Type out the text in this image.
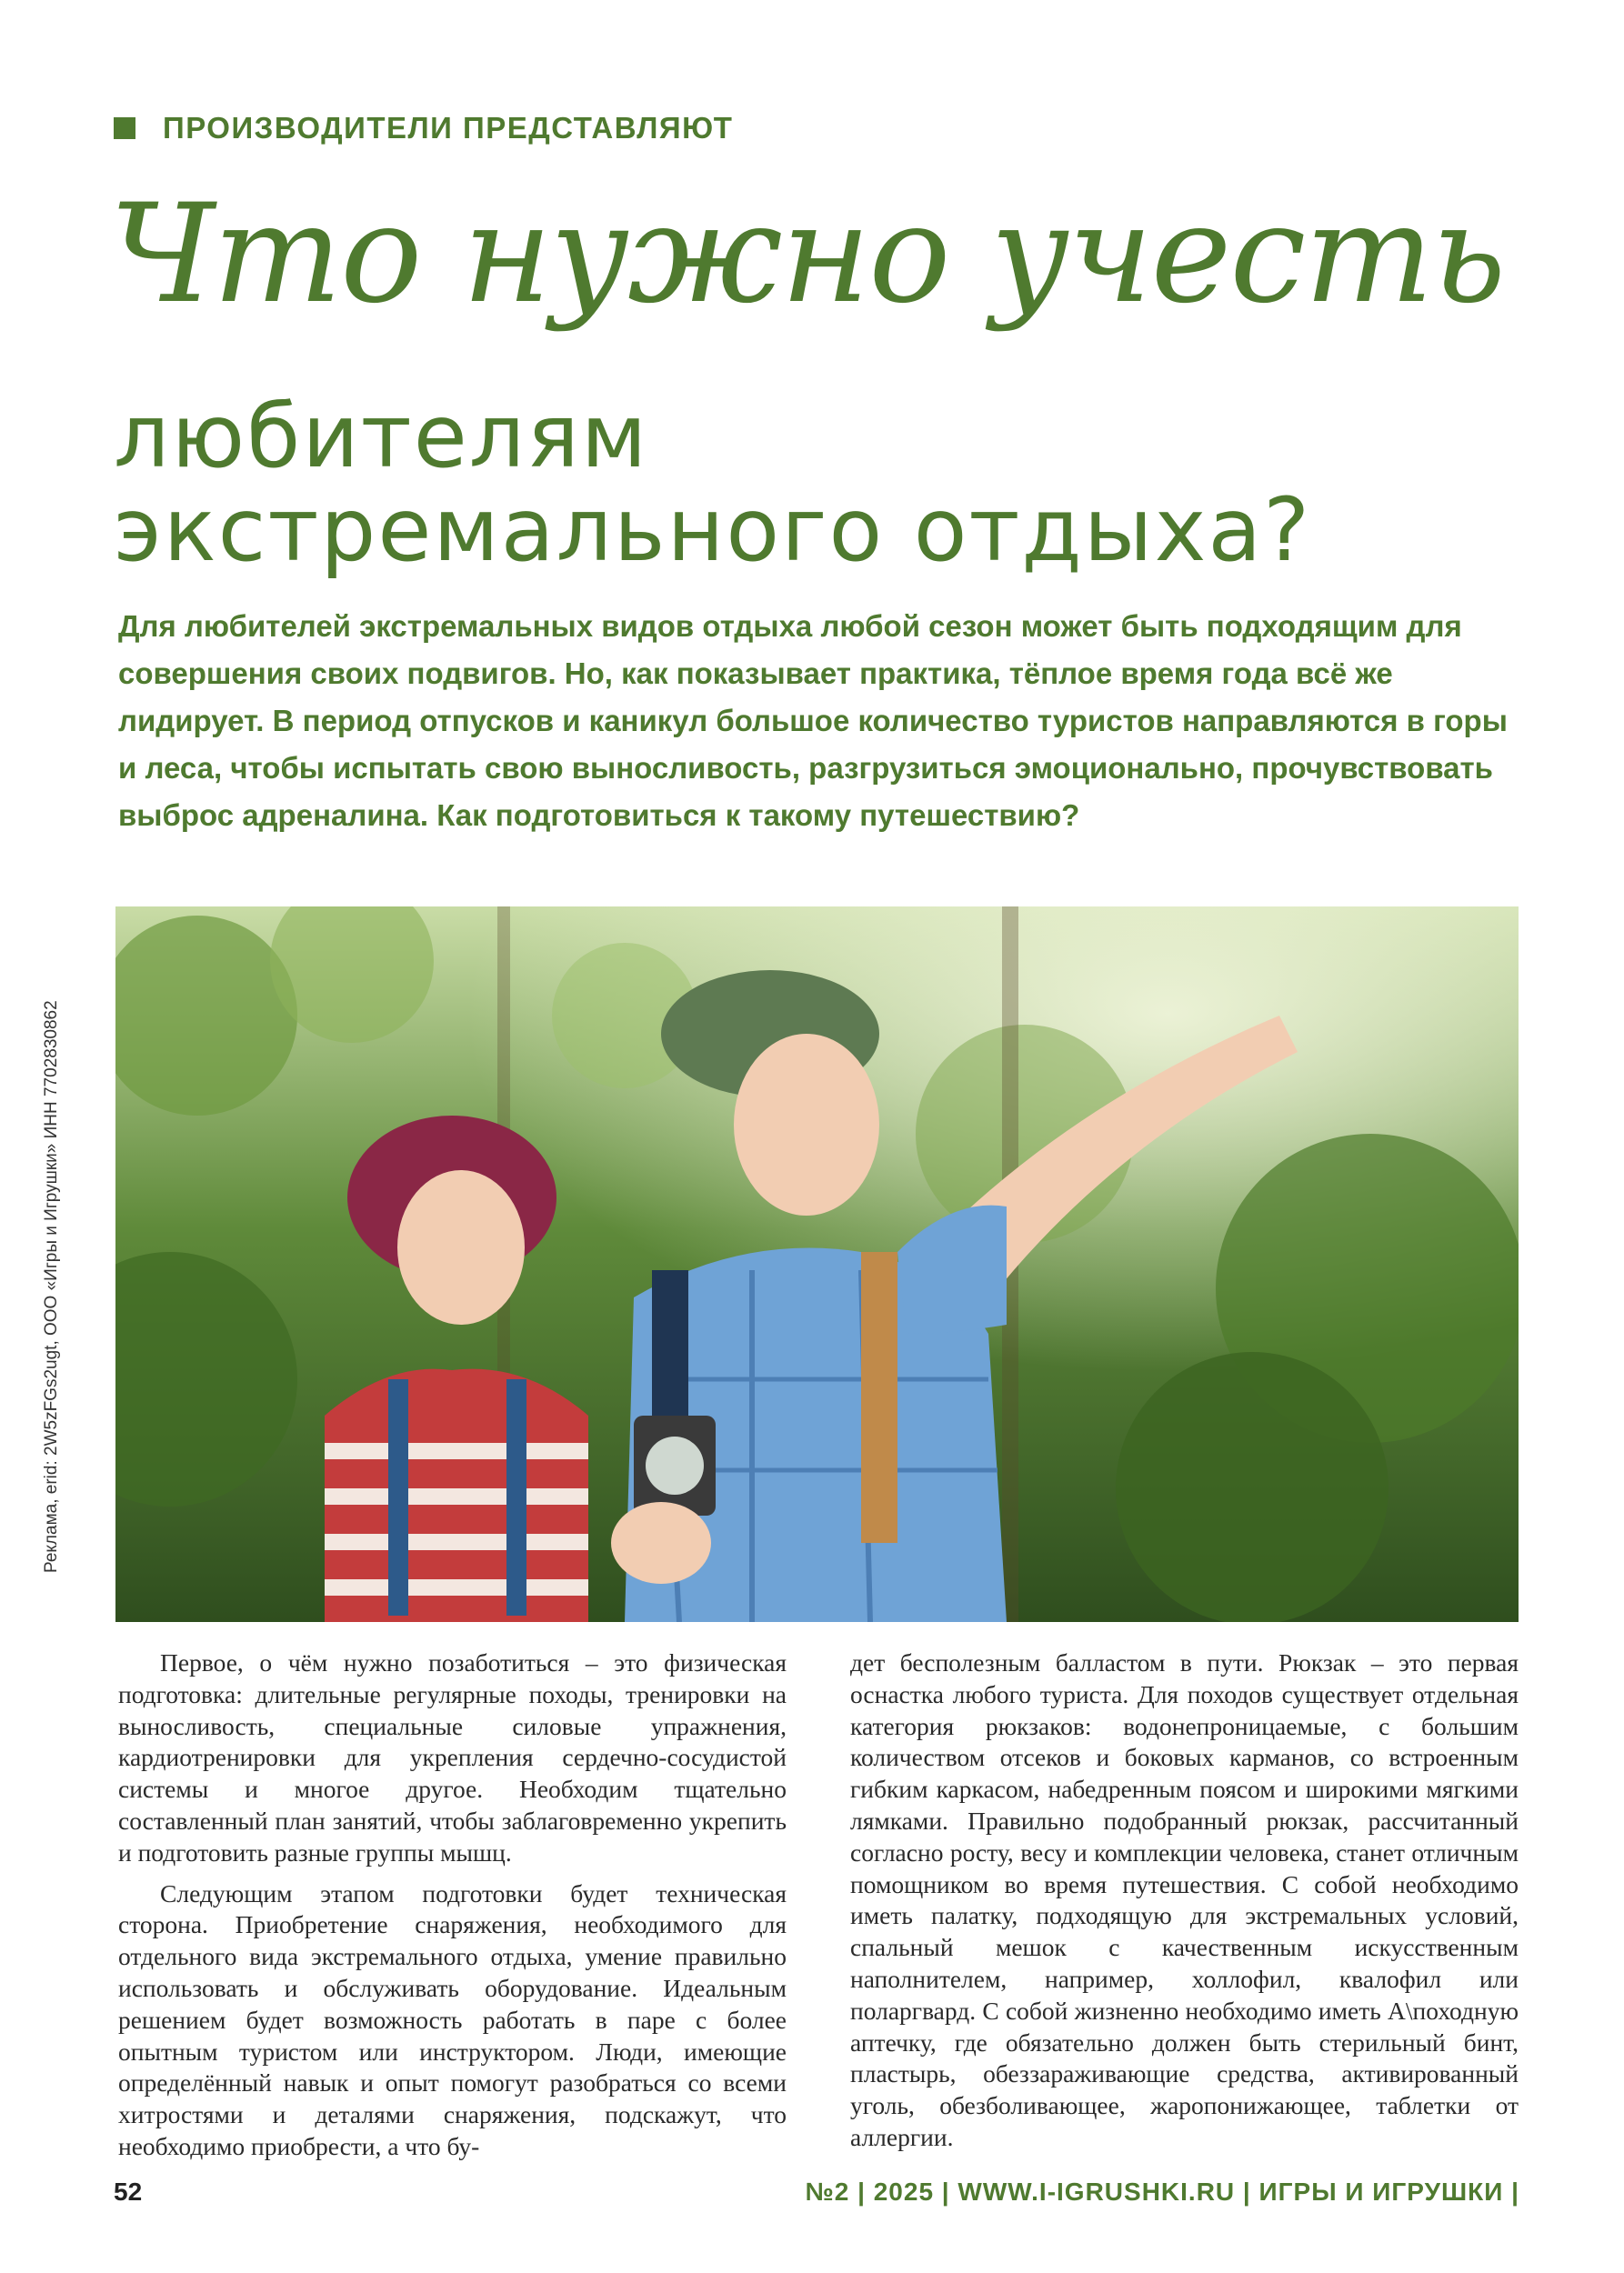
ПРОИЗВОДИТЕЛИ ПРЕДСТАВЛЯЮТ
Что нужно учесть
любителям
экстремального отдыха?
Для любителей экстремальных видов отдыха любой сезон может быть подходящим для совершения своих подвигов. Но, как показывает практика, тёплое время года всё же лидирует. В период отпусков и каникул большое количество туристов направляются в горы и леса, чтобы испытать свою выносливость, разгрузиться эмоционально, прочувствовать выброс адреналина. Как подготовиться к такому путешествию?
Реклама, erid: 2W5zFGs2ugt, ООО «Игры и Игрушки» ИНН 7702830862

Первое, о чём нужно позаботиться – это физическая подготовка: длительные регулярные походы, тренировки на выносливость, специальные силовые упражнения, кардиотренировки для укрепления сердечно-сосудистой системы и многое другое. Необходим тщательно составленный план занятий, чтобы заблаговременно укрепить и подготовить разные группы мышц.

Следующим этапом подготовки будет техническая сторона. Приобретение снаряжения, необходимого для отдельного вида экстремального отдыха, умение правильно использовать и обслуживать оборудование. Идеальным решением будет возможность работать в паре с более опытным туристом или инструктором. Люди, имеющие определённый навык и опыт помогут разобраться со всеми хитростями и деталями снаряжения, подскажут, что необходимо приобрести, а что бу-

дет бесполезным балластом в пути. Рюкзак – это первая оснастка любого туриста. Для походов существует отдельная категория рюкзаков: водонепроницаемые, с большим количеством отсеков и боковых карманов, со встроенным гибким каркасом, набедренным поясом и широкими мягкими лямками. Правильно подобранный рюкзак, рассчитанный согласно росту, весу и комплекции человека, станет отличным помощником во время путешествия. С собой необходимо иметь палатку, подходящую для экстремальных условий, спальный мешок с качественным искусственным наполнителем, например, холлофил, квалофил или поларгвард. С собой жизненно необходимо иметь А\походную аптечку, где обязательно должен быть стерильный бинт, пластырь, обеззараживающие средства, активированный уголь, обезболивающее, жаропонижающее, таблетки от аллергии.

52	№2 | 2025 | WWW.I-IGRUSHKI.RU | ИГРЫ И ИГРУШКИ |
